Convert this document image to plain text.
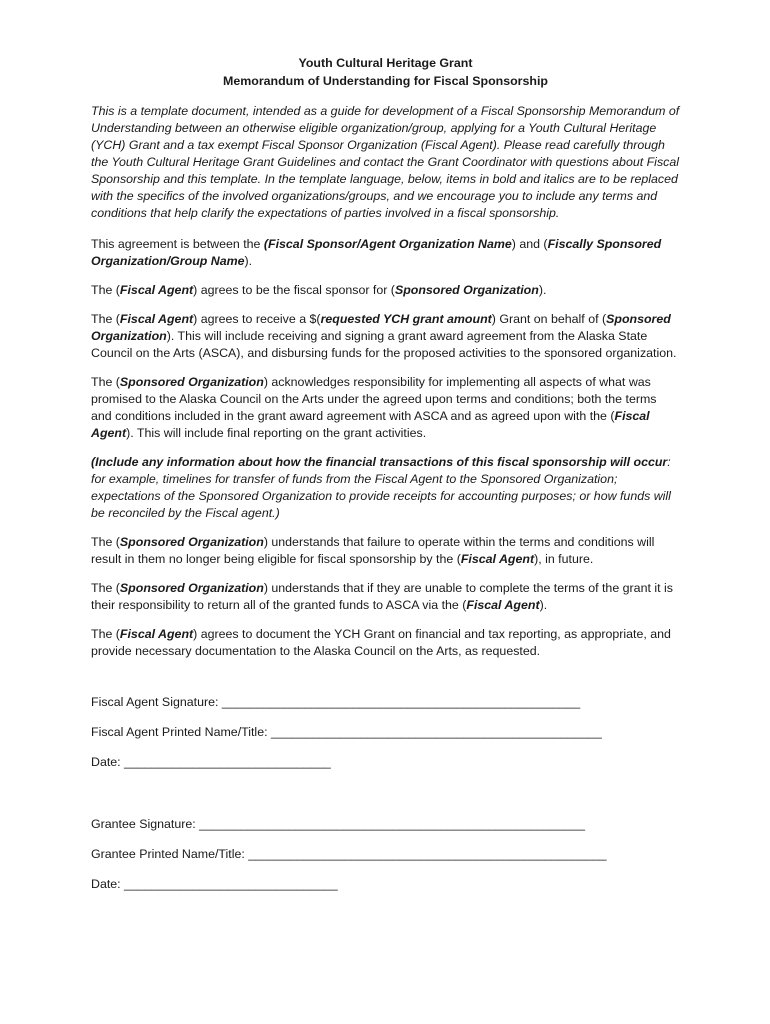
Youth Cultural Heritage Grant

Memorandum of Understanding for Fiscal Sponsorship

This is a template document, intended as a guide for development of a Fiscal Sponsorship Memorandum of Understanding between an otherwise eligible organization/group, applying for a Youth Cultural Heritage (YCH) Grant and a tax exempt Fiscal Sponsor Organization (Fiscal Agent). Please read carefully through the Youth Cultural Heritage Grant Guidelines and contact the Grant Coordinator with questions about Fiscal Sponsorship and this template. In the template language, below, items in bold and italics are to be replaced with the specifics of the involved organizations/groups, and we encourage you to include any terms and conditions that help clarify the expectations of parties involved in a fiscal sponsorship.

This agreement is between the (Fiscal Sponsor/Agent Organization Name) and (Fiscally Sponsored Organization/Group Name).

The (Fiscal Agent) agrees to be the fiscal sponsor for (Sponsored Organization).

The (Fiscal Agent) agrees to receive a $(requested YCH grant amount) Grant on behalf of (Sponsored Organization). This will include receiving and signing a grant award agreement from the Alaska State Council on the Arts (ASCA), and disbursing funds for the proposed activities to the sponsored organization.

The (Sponsored Organization) acknowledges responsibility for implementing all aspects of what was promised to the Alaska Council on the Arts under the agreed upon terms and conditions; both the terms and conditions included in the grant award agreement with ASCA and as agreed upon with the (Fiscal Agent). This will include final reporting on the grant activities.

(Include any information about how the financial transactions of this fiscal sponsorship will occur: for example, timelines for transfer of funds from the Fiscal Agent to the Sponsored Organization; expectations of the Sponsored Organization to provide receipts for accounting purposes; or how funds will be reconciled by the Fiscal agent.)

The (Sponsored Organization) understands that failure to operate within the terms and conditions will result in them no longer being eligible for fiscal sponsorship by the (Fiscal Agent), in future.

The (Sponsored Organization) understands that if they are unable to complete the terms of the grant it is their responsibility to return all of the granted funds to ASCA via the (Fiscal Agent).

The (Fiscal Agent) agrees to document the YCH Grant on financial and tax reporting, as appropriate, and provide necessary documentation to the Alaska Council on the Arts, as requested.

Fiscal Agent Signature: ____________________________________________________

Fiscal Agent Printed Name/Title: ________________________________________________

Date: ______________________________

Grantee Signature: ________________________________________________________

Grantee Printed Name/Title: ____________________________________________________

Date: _______________________________
